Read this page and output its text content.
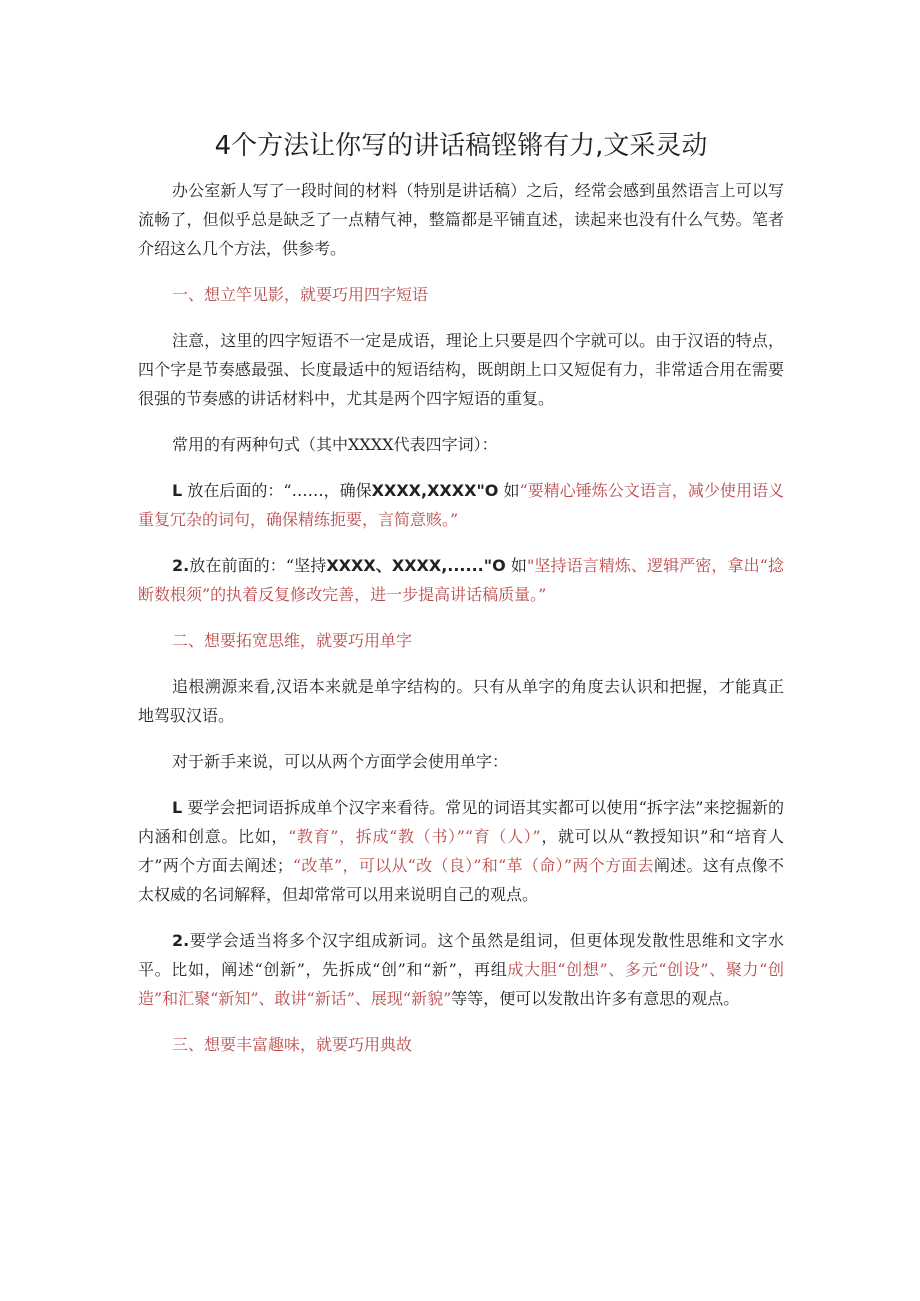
4个方法让你写的讲话稿铿锵有力,文采灵动

办公室新人写了一段时间的材料（特别是讲话稿）之后，经常会感到虽然语言上可以写流畅了，但似乎总是缺乏了一点精气神，整篇都是平铺直述，读起来也没有什么气势。笔者介绍这么几个方法，供参考。

一、想立竿见影，就要巧用四字短语

注意，这里的四字短语不一定是成语，理论上只要是四个字就可以。由于汉语的特点，四个字是节奏感最强、长度最适中的短语结构，既朗朗上口又短促有力，非常适合用在需要很强的节奏感的讲话材料中，尤其是两个四字短语的重复。

常用的有两种句式（其中XXXX代表四字词）：

L 放在后面的：“……，确保XXXX,XXXX"O 如“要精心锤炼公文语言，减少使用语义重复冗杂的词句，确保精练扼要，言简意赅。”

2.放在前面的：“坚持XXXX、XXXX,......"O 如"坚持语言精炼、逻辑严密，拿出“捻断数根须”的执着反复修改完善，进一步提高讲话稿质量。”

二、想要拓宽思维，就要巧用单字

追根溯源来看,汉语本来就是单字结构的。只有从单字的角度去认识和把握，才能真正地驾驭汉语。

对于新手来说，可以从两个方面学会使用单字：

L 要学会把词语拆成单个汉字来看待。常见的词语其实都可以使用“拆字法”来挖掘新的内涵和创意。比如，“教育”，拆成“教（书）”“育（人）”，就可以从“教授知识”和“培育人才”两个方面去阐述；“改革”，可以从“改（良）”和“革（命）”两个方面去阐述。这有点像不太权威的名词解释，但却常常可以用来说明自己的观点。

2.要学会适当将多个汉字组成新词。这个虽然是组词，但更体现发散性思维和文字水平。比如，阐述“创新”，先拆成“创”和“新”，再组成大胆“创想”、多元“创设”、聚力“创造”和汇聚“新知”、敢讲“新话”、展现“新貌”等等，便可以发散出许多有意思的观点。

三、想要丰富趣味，就要巧用典故
